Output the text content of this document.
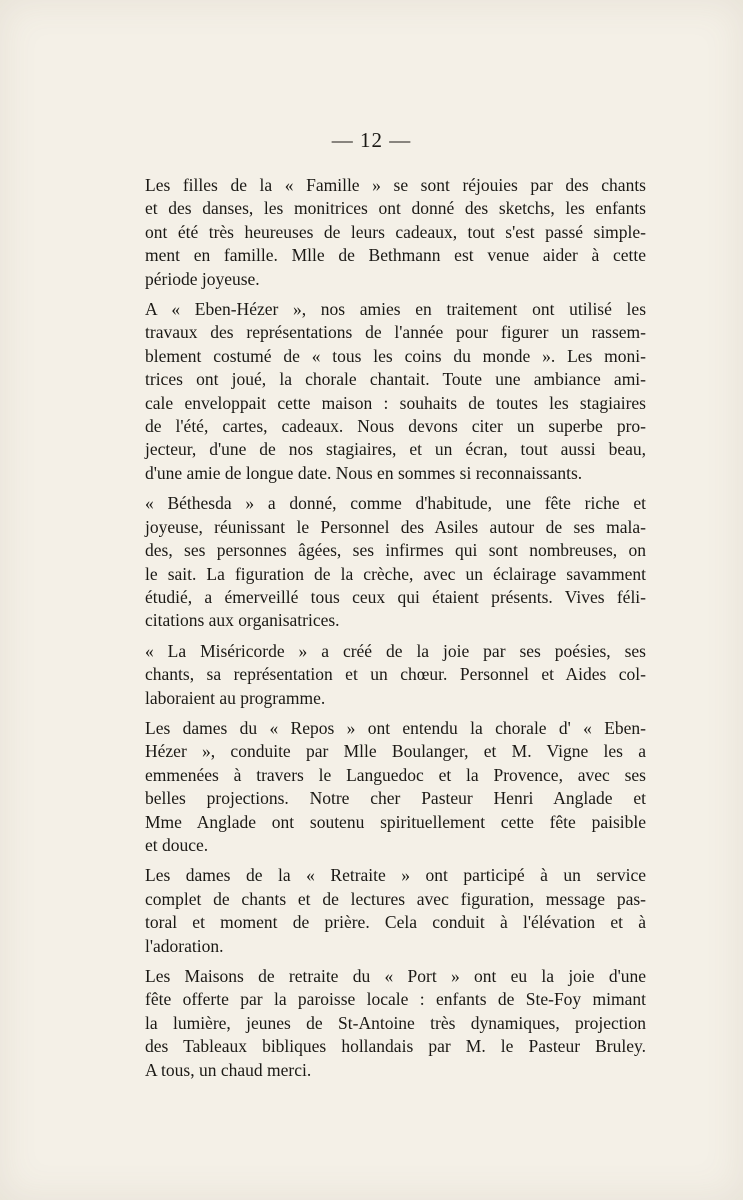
— 12 —

Les filles de la « Famille » se sont réjouies par des chants
et des danses, les monitrices ont donné des sketchs, les enfants
ont été très heureuses de leurs cadeaux, tout s'est passé simple-
ment en famille. Mlle de Bethmann est venue aider à cette
période joyeuse.

A « Eben-Hézer », nos amies en traitement ont utilisé les
travaux des représentations de l'année pour figurer un rassem-
blement costumé de « tous les coins du monde ». Les moni-
trices ont joué, la chorale chantait. Toute une ambiance ami-
cale enveloppait cette maison : souhaits de toutes les stagiaires
de l'été, cartes, cadeaux. Nous devons citer un superbe pro-
jecteur, d'une de nos stagiaires, et un écran, tout aussi beau,
d'une amie de longue date. Nous en sommes si reconnaissants.

« Béthesda » a donné, comme d'habitude, une fête riche et
joyeuse, réunissant le Personnel des Asiles autour de ses mala-
des, ses personnes âgées, ses infirmes qui sont nombreuses, on
le sait. La figuration de la crèche, avec un éclairage savamment
étudié, a émerveillé tous ceux qui étaient présents. Vives féli-
citations aux organisatrices.

« La Miséricorde » a créé de la joie par ses poésies, ses
chants, sa représentation et un chœur. Personnel et Aides col-
laboraient au programme.

Les dames du « Repos » ont entendu la chorale d' « Eben-
Hézer », conduite par Mlle Boulanger, et M. Vigne les a
emmenées à travers le Languedoc et la Provence, avec ses
belles projections. Notre cher Pasteur Henri Anglade et
Mme Anglade ont soutenu spirituellement cette fête paisible
et douce.

Les dames de la « Retraite » ont participé à un service
complet de chants et de lectures avec figuration, message pas-
toral et moment de prière. Cela conduit à l'élévation et à
l'adoration.

Les Maisons de retraite du « Port » ont eu la joie d'une
fête offerte par la paroisse locale : enfants de Ste-Foy mimant
la lumière, jeunes de St-Antoine très dynamiques, projection
des Tableaux bibliques hollandais par M. le Pasteur Bruley.
A tous, un chaud merci.
